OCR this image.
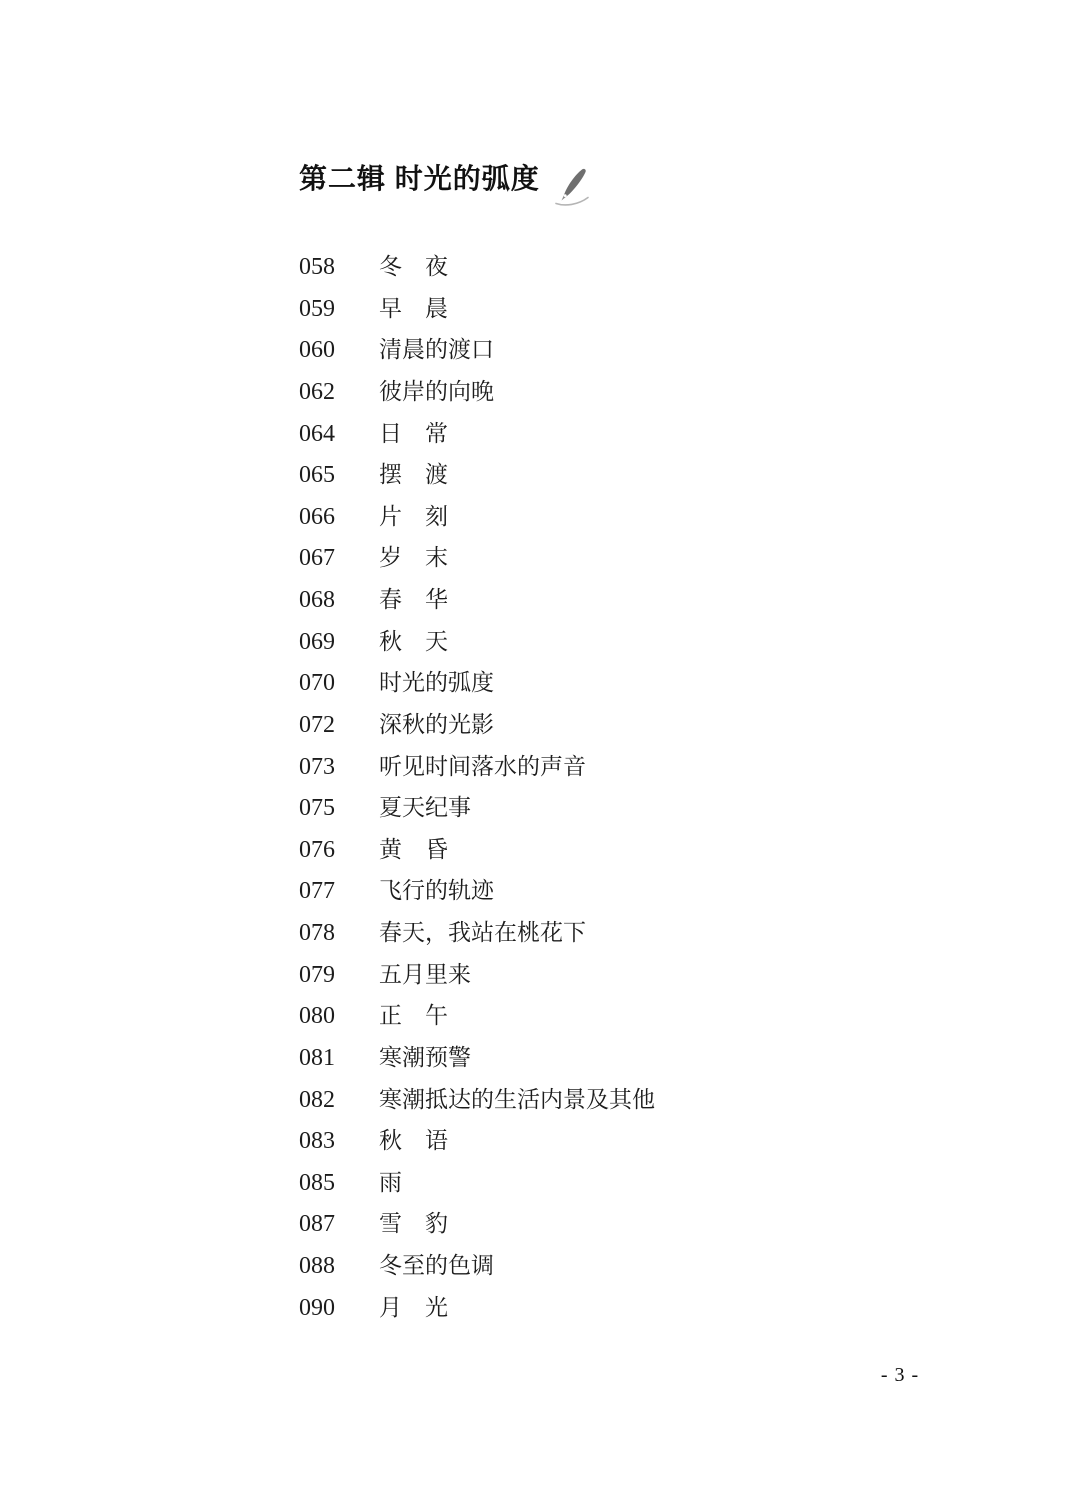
第二辑 时光的弧度
058	冬　夜
059	早　晨
060	清晨的渡口
062	彼岸的向晚
064	日　常
065	摆　渡
066	片　刻
067	岁　末
068	春　华
069	秋　天
070	时光的弧度
072	深秋的光影
073	听见时间落水的声音
075	夏天纪事
076	黄　昏
077	飞行的轨迹
078	春天，我站在桃花下
079	五月里来
080	正　午
081	寒潮预警
082	寒潮抵达的生活内景及其他
083	秋　语
085	雨
087	雪　豹
088	冬至的色调
090	月　光
- 3 -
